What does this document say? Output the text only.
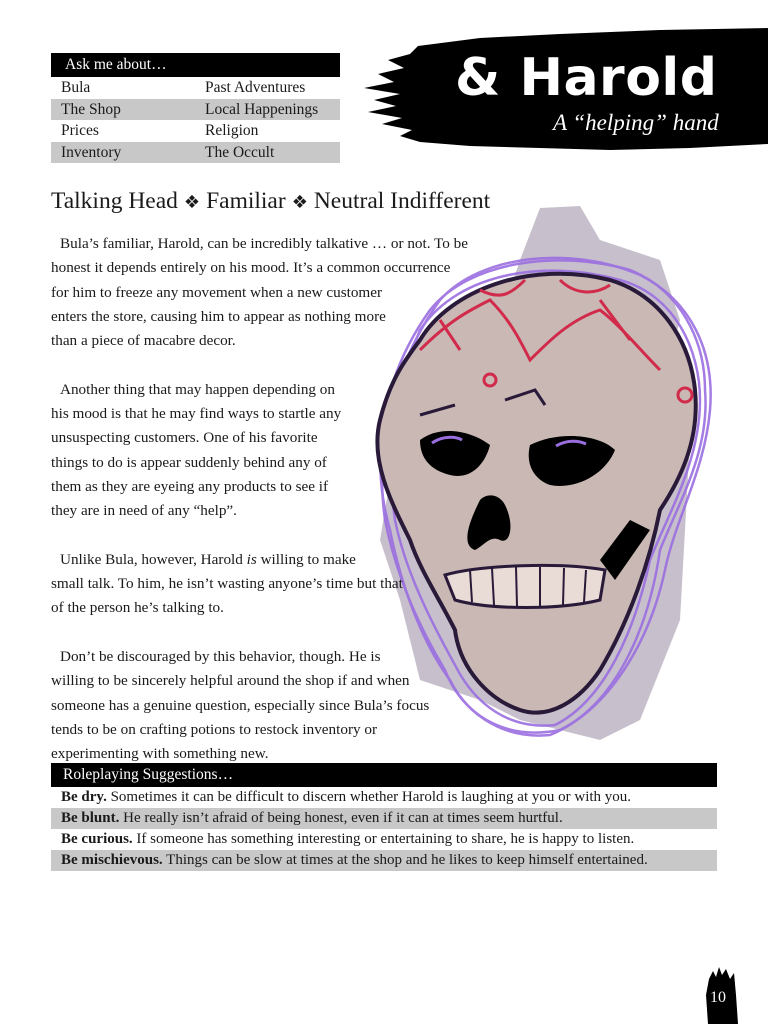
Ask me about…
Bula	Past Adventures
The Shop	Local Happenings
Prices	Religion
Inventory	The Occult
& Harold
A “helping” hand
Talking Head ❖ Familiar ❖ Neutral Indifferent

Bula’s familiar, Harold, can be incredibly talkative … or not. To be

honest it depends entirely on his mood. It’s a common occurrence

for him to freeze any movement when a new customer

enters the store, causing him to appear as nothing more

than a piece of macabre decor.

Another thing that may happen depending on

his mood is that he may find ways to startle any

unsuspecting customers. One of his favorite

things to do is appear suddenly behind any of

them as they are eyeing any products to see if

they are in need of any “help”.

Unlike Bula, however, Harold is willing to make

small talk. To him, he isn’t wasting anyone’s time but that

of the person he’s talking to.

Don’t be discouraged by this behavior, though. He is

willing to be sincerely helpful around the shop if and when

someone has a genuine question, especially since Bula’s focus

tends to be on crafting potions to restock inventory or

experimenting with something new.

Roleplaying Suggestions…
Be dry. Sometimes it can be difficult to discern whether Harold is laughing at you or with you.
Be blunt. He really isn’t afraid of being honest, even if it can at times seem hurtful.
Be curious. If someone has something interesting or entertaining to share, he is happy to listen.
Be mischievous. Things can be slow at times at the shop and he likes to keep himself entertained.
10
